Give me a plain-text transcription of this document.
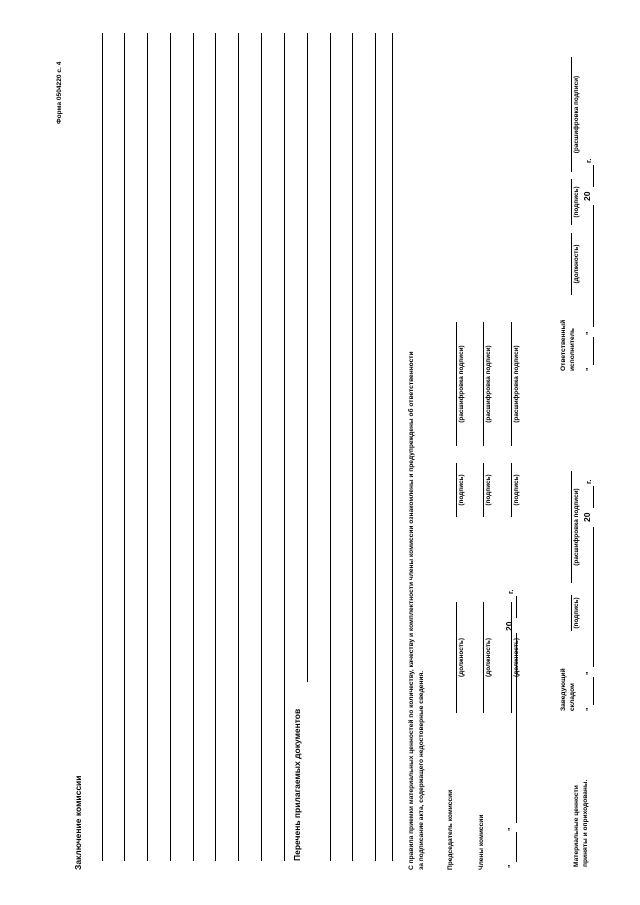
Заключение комиссии
Форма 0504220 с. 4
Перечень прилагаемых документов	С правила приемки материальных ценностей по количеству, качеству и комплектности члены комиссии ознакомлены и предупреждены об ответственности за подписание акта, содержащего недостоверные сведения.	Председатель комиссии
(должность)
(подпись)
(расшифровка подписи)
Члены комиссии
(должность)
(подпись)
(расшифровка подписи)
(должность)
(подпись)
(расшифровка подписи)
"
"
20
г.
Материальные ценности приняты и оприходованы.
Заведующий складом
(подпись)
(расшифровка подписи)
"
"
20
г.
Ответственный исполнитель
(должность)
(подпись)
(расшифровка подписи)
"
"
20
г.
